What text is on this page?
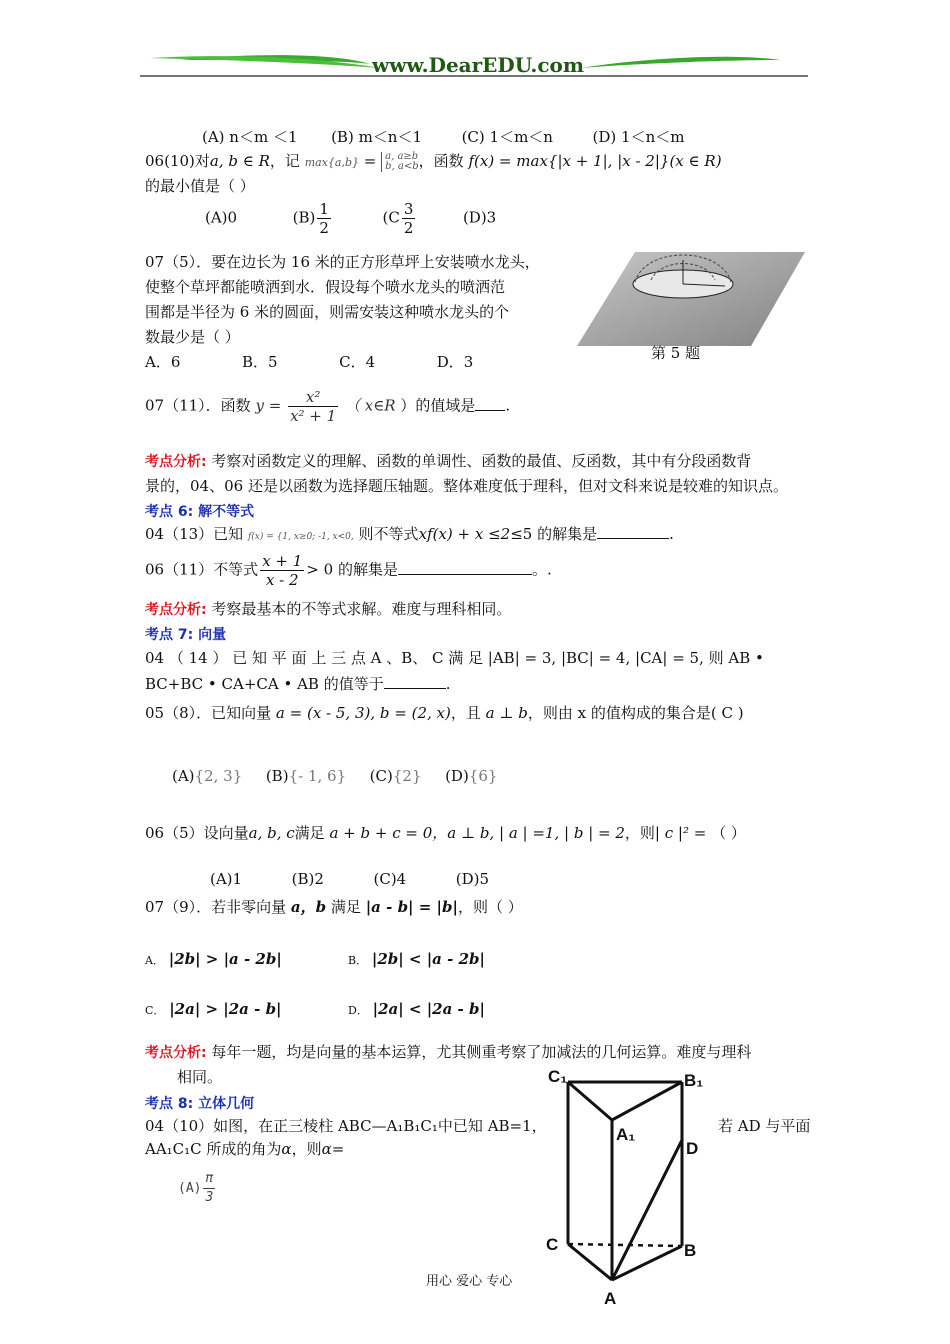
www.DearEDU.com
(A) n＜m ＜1 (B) m＜n＜1	(C) 1＜m＜n	(D) 1＜n＜m
06(10)对a, b ∈ R，记 max{a,b} = a, a≥b
b, a<b ，函数 f(x) = max{|x + 1|, |x - 2|}(x ∈ R)
的最小值是（ ）
(A)0	$(B) \frac{1}{2}$	($C \frac{3}{2}$	(D)3
07（5）．要在边长为 16 米的正方形草坪上安装喷水龙头，
使整个草坪都能喷洒到水．假设每个喷水龙头的喷洒范
围都是半径为 6 米的圆面，则需安装这种喷水龙头的个
数最少是（ ）
A．6	B．5	C．4	D．3	第 5 题
07（11）．函数 $y = \frac{\text{x²}}{\text{x² + 1}}$ （ x∈R ）的值域是 .
考点分析: 考察对函数定义的理解、函数的单调性、函数的最值、反函数，其中有分段函数背
景的，04、06 还是以函数为选择题压轴题。整体难度低于理科，但对文科来说是较难的知识点。
考点 6: 解不等式
04（13）已知 f(x) = {1, x≥0; -1, x<0, 则不等式xf(x) + x ≤2≤5 的解集是	.
06（11）不等式 $\frac{x + 1}{x - 2} > 0$ 的解集是	。.
考点分析: 考察最基本的不等式求解。难度与理科相同。
考点 7: 向量
04 （ 14 ） 已 知 平 面 上 三 点 A 、B、 C 满 足 |AB| = 3, |BC| = 4, |CA| = 5, 则 AB •
BC+BC • CA+CA • AB 的值等于	.
05（8）．已知向量 a = (x - 5, 3), b = (2, x)，且 a ⊥ b，则由 x 的值构成的集合是( C )
(A){2, 3} (B){- 1, 6} (C){2} (D){6}
06（5）设向量a, b, c满足 a + b + c = 0，a ⊥ b, | a | =1, | b | = 2，则| c |² = （ ）
(A)1	(B)2	(C)4	(D)5
07（9）．若非零向量 a，b 满足 |a - b| = |b|，则（ ）
A． |2b| > |a - 2b|	B． |2b| < |a - 2b|
C． |2a| > |2a - b|	D． |2a| < |2a - b|
考点分析: 每年一题，均是向量的基本运算，尤其侧重考察了加减法的几何运算。难度与理科
相同。
考点 8: 立体几何
04（10）如图，在正三棱柱 ABC—A₁B₁C₁中已知 AB=1，	若 AD 与平面
AA₁C₁C 所成的角为α，则α=
$(A) \frac{\pi}{3}$
C₁	B₁
A₁
D
C	B
A
用心 爱心 专心
